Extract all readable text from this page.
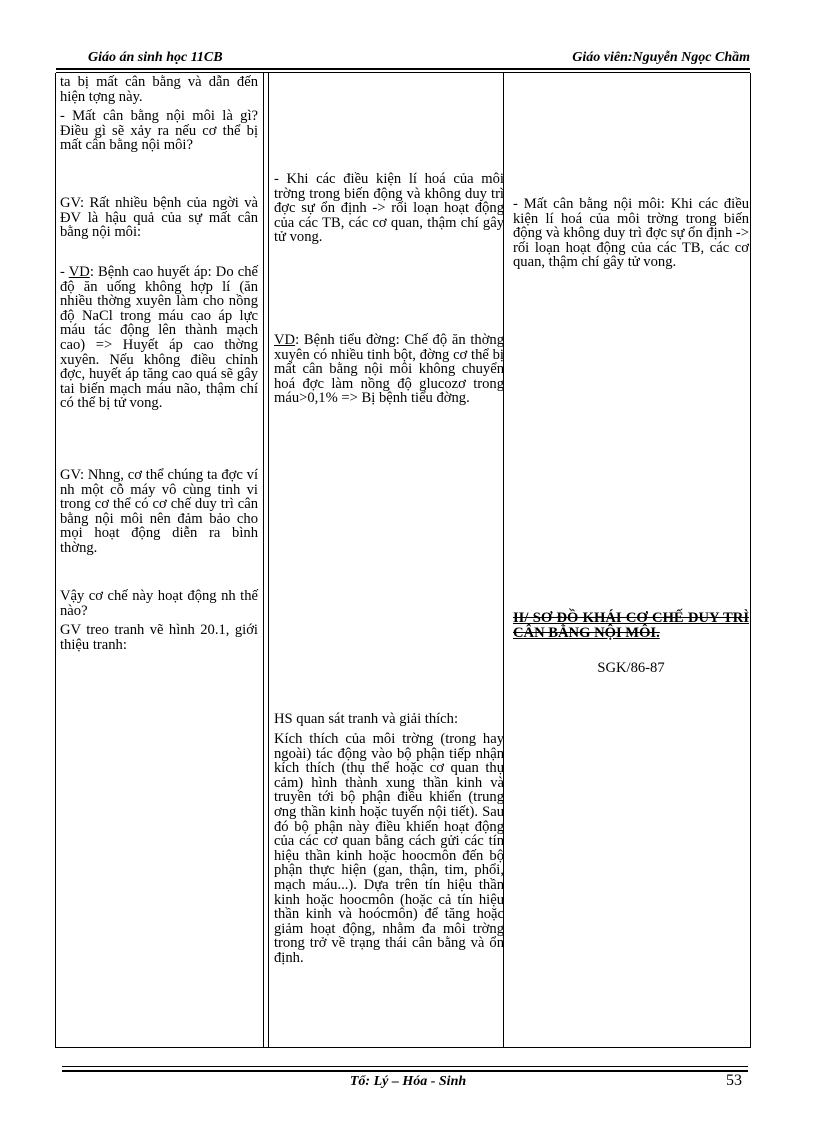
Giáo án sinh học 11CB	Giáo viên:Nguyễn Ngọc Chầm
ta bị mất cân bằng và dẫn đến hiện tợng này.
- Mất cân bằng nội môi là gì? Điều gì sẽ xảy ra nếu cơ thể bị mất cân bằng nội môi?
GV: Rất nhiều bệnh của ngời và ĐV là hậu quả của sự mất cân bằng nội môi:
- VD: Bệnh cao huyết áp: Do chế độ ăn uống không hợp lí (ăn nhiều thờng xuyên làm cho nồng độ NaCl trong máu cao áp lực máu tác động lên thành mạch cao) => Huyết áp cao thờng xuyên. Nếu không điều chỉnh đợc, huyết áp tăng cao quá sẽ gây tai biến mạch máu não, thậm chí có thể bị tử vong.
GV: Nhng, cơ thể chúng ta đợc ví nh một cỗ máy vô cùng tinh vi trong cơ thể có cơ chế duy trì cân bằng nội môi nên đảm bảo cho mọi hoạt động diễn ra bình thờng.
Vậy cơ chế này hoạt động nh thế nào?
GV treo tranh vẽ hình 20.1, giới thiệu tranh:
- Khi các điều kiện lí hoá của môi trờng trong biến động và không duy trì đợc sự ổn định -> rối loạn hoạt động của các TB, các cơ quan, thậm chí gây tử vong.
VD: Bệnh tiểu đờng: Chế độ ăn thờng xuyên có nhiều tinh bột, đờng cơ thể bị mất cân bằng nội môi không chuyển hoá đợc làm nồng độ glucozơ trong máu>0,1% => Bị bệnh tiểu đờng.
HS quan sát tranh và giải thích:
Kích thích của môi trờng (trong hay ngoài) tác động vào bộ phận tiếp nhận kích thích (thụ thể hoặc cơ quan thụ cảm) hình thành xung thần kinh và truyền tới bộ phận điều khiển (trung ơng thần kinh hoặc tuyến nội tiết). Sau đó bộ phận này điều khiển hoạt động của các cơ quan bằng cách gửi các tín hiệu thần kinh hoặc hoocmôn đến bộ phận thực hiện (gan, thận, tim, phổi, mạch máu...). Dựa trên tín hiệu thần kinh hoặc hoocmôn (hoặc cả tín hiệu thần kinh và hoócmôn) để tăng hoặc giảm hoạt động, nhằm đa môi trờng trong trở về trạng thái cân bằng và ổn định.
- Mất cân bằng nội môi: Khi các điều kiện lí hoá của môi trờng trong biến động và không duy trì đợc sự ổn định -> rối loạn hoạt động của các TB, các cơ quan, thậm chí gây tử vong.
II/ SƠ ĐỒ KHÁI CƠ CHẾ DUY TRÌ CÂN BẰNG NỘI MÔI.
SGK/86-87
Tổ: Lý – Hóa - Sinh	53
